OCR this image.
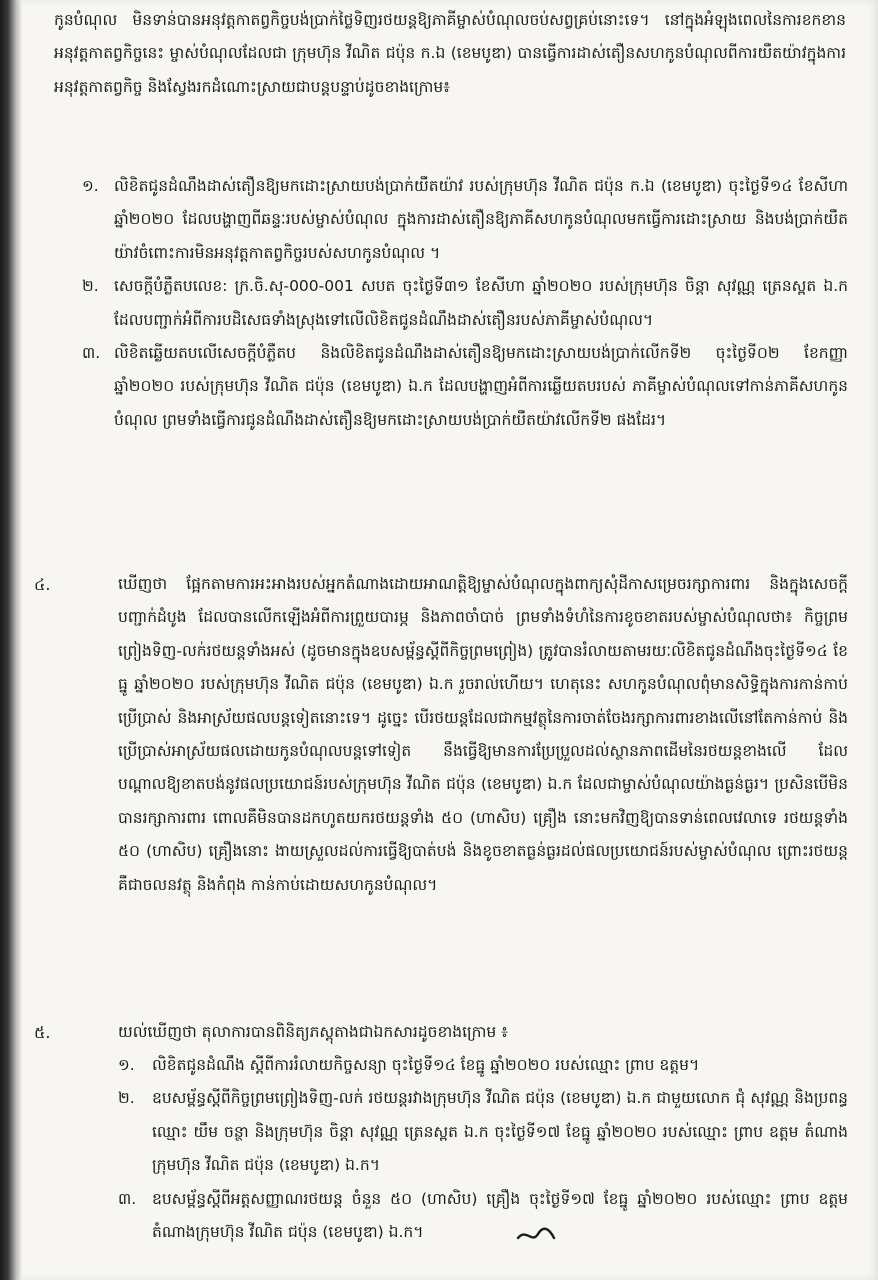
កូនបំណុល មិនទាន់បានអនុវត្តកាតព្វកិច្ចបង់ប្រាក់ថ្លៃទិញរថយន្តឱ្យភាគីម្ចាស់បំណុលចប់សព្វគ្រប់នោះទេ។ នៅក្នុងអំឡុងពេលនៃការខកខានអនុវត្តកាតព្វកិច្ចនេះ ម្ចាស់បំណុលដែលជា ក្រុមហ៊ុន វីណិត ជប៉ុន ក.ឯ (ខេមបូឌា) បានធ្វើការដាស់តឿនសហកូនបំណុលពីការយឺតយ៉ាវក្នុងការអនុវត្តកាតព្វកិច្ច និងស្វែងរកដំណោះស្រាយជាបន្តបន្ទាប់ដូចខាងក្រោម៖
១. លិខិតជូនដំណឹងដាស់តឿនឱ្យមកដោះស្រាយបង់ប្រាក់យឺតយ៉ាវ របស់ក្រុមហ៊ុន វីណិត ជប៉ុន ក.ឯ (ខេមបូឌា) ចុះថ្ងៃទី១៤ ខែសីហា ឆ្នាំ២០២០ ដែលបង្ហាញពីឆន្ទៈរបស់ម្ចាស់បំណុល ក្នុងការដាស់តឿនឱ្យភាគីសហកូនបំណុលមកធ្វើការដោះស្រាយ និងបង់ប្រាក់យឺតយ៉ាវចំពោះការមិនអនុវត្តកាតព្វកិច្ចរបស់សហកូនបំណុល ។
២. សេចក្តីបំភ្លឺតបលេខ: ក្រ.ចិ.សុ-000-001 សបត ចុះថ្ងៃទី៣១ ខែសីហា ឆ្នាំ២០២០ របស់ក្រុមហ៊ុន ចិន្តា សុវណ្ណ ត្រេនស្ពត ឯ.ក ដែលបញ្ជាក់អំពីការបដិសេធទាំងស្រុងទៅលើលិខិតជូនដំណឹងដាស់តឿនរបស់ភាគីម្ចាស់បំណុល។
៣. លិខិតឆ្លើយតបលើសេចក្តីបំភ្លឺតប និងលិខិតជូនដំណឹងដាស់តឿនឱ្យមកដោះស្រាយបង់ប្រាក់លើកទី២ ចុះថ្ងៃទី០២ ខែកញ្ញា ឆ្នាំ២០២០ របស់ក្រុមហ៊ុន វីណិត ជប៉ុន (ខេមបូឌា) ឯ.ក ដែលបង្ហាញអំពីការឆ្លើយតបរបស់ ភាគីម្ចាស់បំណុលទៅកាន់ភាគីសហកូនបំណុល ព្រមទាំងធ្វើការជូនដំណឹងដាស់តឿនឱ្យមកដោះស្រាយបង់ប្រាក់យឺតយ៉ាវលើកទី២ ផងដែរ។
៤.	ឃើញថា ផ្អែកតាមការអះអាងរបស់អ្នកតំណាងដោយអាណត្តិឱ្យម្ចាស់បំណុលក្នុងពាក្យសុំដីកាសម្រេចរក្សាការពារ និងក្នុងសេចក្តីបញ្ជាក់ដំបូង ដែលបានលើកឡើងអំពីការព្រួយបារម្ភ និងភាពចាំបាច់ ព្រមទាំងទំហំនៃការខូចខាតរបស់ម្ចាស់បំណុលថា៖ កិច្ចព្រមព្រៀងទិញ-លក់រថយន្តទាំងអស់ (ដូចមានក្នុងឧបសម្ព័ន្ធស្តីពីកិច្ចព្រមព្រៀង) ត្រូវបានរំលាយតាមរយៈលិខិតជូនដំណឹងចុះថ្ងៃទី១៤ ខែធ្នូ ឆ្នាំ២០២០ របស់ក្រុមហ៊ុន វីណិត ជប៉ុន (ខេមបូឌា) ឯ.ក រួចរាល់ហើយ។ ហេតុនេះ សហកូនបំណុលពុំមានសិទ្ធិក្នុងការកាន់កាប់ប្រើប្រាស់ និងអាស្រ័យផលបន្តទៀតនោះទេ។ ដូច្នេះ បើរថយន្តដែលជាកម្មវត្ថុនៃការចាត់ចែងរក្សាការពារខាងលើនៅតែកាន់កាប់ និងប្រើប្រាស់អាស្រ័យផលដោយកូនបំណុលបន្តទៅទៀត នឹងធ្វើឱ្យមានការប្រែប្រួលដល់ស្ថានភាពដើមនៃរថយន្តខាងលើ ដែលបណ្តាលឱ្យខាតបង់នូវផលប្រយោជន៍របស់ក្រុមហ៊ុន វីណិត ជប៉ុន (ខេមបូឌា) ឯ.ក ដែលជាម្ចាស់បំណុលយ៉ាងធ្ងន់ធ្ងរ។ ប្រសិនបើមិនបានរក្សាការពារ ពោលគឺមិនបានដកហូតយករថយន្តទាំង ៥០ (ហាសិប) គ្រឿង នោះមកវិញឱ្យបានទាន់ពេលវេលាទេ រថយន្តទាំង ៥០ (ហាសិប) គ្រឿងនោះ ងាយស្រួលដល់ការធ្វើឱ្យបាត់បង់ និងខូចខាតធ្ងន់ធ្ងរដល់ផលប្រយោជន៍របស់ម្ចាស់បំណុល ព្រោះរថយន្តគឺជាចលនវត្ថុ និងកំពុង កាន់កាប់ដោយសហកូនបំណុល។
៥.	យល់ឃើញថា តុលាការបានពិនិត្យភស្តុតាងជាឯកសារដូចខាងក្រោម ៖
១. លិខិតជូនដំណឹង ស្តីពីការរំលាយកិច្ចសន្យា ចុះថ្ងៃទី១៤ ខែធ្នូ ឆ្នាំ២០២០ របស់ឈ្មោះ ព្រាប ឧត្តម។
២. ឧបសម្ព័ន្ធស្តីពីកិច្ចព្រមព្រៀងទិញ-លក់ រថយន្តរវាងក្រុមហ៊ុន វីណិត ជប៉ុន (ខេមបូឌា) ឯ.ក ជាមួយលោក ជុំ សុវណ្ណ និងប្រពន្ធឈ្មោះ យឹម ចន្ថា និងក្រុមហ៊ុន ចិន្តា សុវណ្ណ ត្រេនស្ពត ឯ.ក ចុះថ្ងៃទី១៧ ខែធ្នូ ឆ្នាំ២០២០ របស់ឈ្មោះ ព្រាប ឧត្តម តំណាងក្រុមហ៊ុន វីណិត ជប៉ុន (ខេមបូឌា) ឯ.ក។
៣. ឧបសម្ព័ន្ធស្តីពីអត្តសញ្ញាណរថយន្ត ចំនួន ៥០ (ហាសិប) គ្រឿង ចុះថ្ងៃទី១៧ ខែធ្នូ ឆ្នាំ២០២០ របស់ឈ្មោះ ព្រាប ឧត្តម តំណាងក្រុមហ៊ុន វីណិត ជប៉ុន (ខេមបូឌា) ឯ.ក។
